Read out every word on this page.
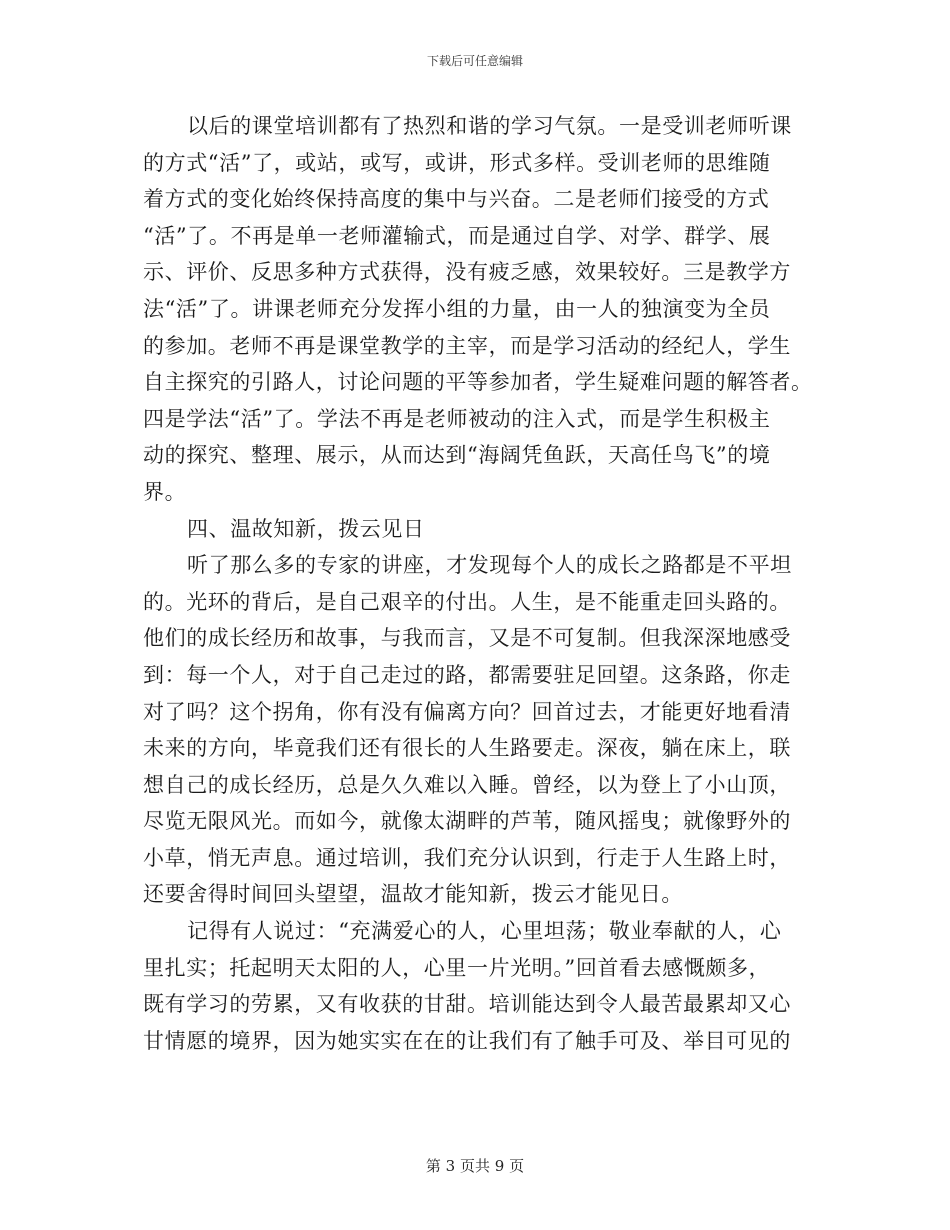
下载后可任意编辑

以后的课堂培训都有了热烈和谐的学习气氛。一是受训老师听课
的方式“活”了，或站，或写，或讲，形式多样。受训老师的思维随
着方式的变化始终保持高度的集中与兴奋。二是老师们接受的方式
“活”了。不再是单一老师灌输式，而是通过自学、对学、群学、展
示、评价、反思多种方式获得，没有疲乏感，效果较好。三是教学方
法“活”了。讲课老师充分发挥小组的力量，由一人的独演变为全员
的参加。老师不再是课堂教学的主宰，而是学习活动的经纪人，学生
自主探究的引路人，讨论问题的平等参加者，学生疑难问题的解答者。
四是学法“活”了。学法不再是老师被动的注入式，而是学生积极主
动的探究、整理、展示，从而达到“海阔凭鱼跃，天高任鸟飞”的境
界。

四、温故知新，拨云见日

听了那么多的专家的讲座，才发现每个人的成长之路都是不平坦
的。光环的背后，是自己艰辛的付出。人生，是不能重走回头路的。
他们的成长经历和故事，与我而言，又是不可复制。但我深深地感受
到：每一个人，对于自己走过的路，都需要驻足回望。这条路，你走
对了吗？这个拐角，你有没有偏离方向？回首过去，才能更好地看清
未来的方向，毕竟我们还有很长的人生路要走。深夜，躺在床上，联
想自己的成长经历，总是久久难以入睡。曾经，以为登上了小山顶，
尽览无限风光。而如今，就像太湖畔的芦苇，随风摇曳；就像野外的
小草，悄无声息。通过培训，我们充分认识到，行走于人生路上时，
还要舍得时间回头望望，温故才能知新，拨云才能见日。

记得有人说过：“充满爱心的人，心里坦荡；敬业奉献的人，心
里扎实；托起明天太阳的人，心里一片光明。”回首看去感慨颇多，
既有学习的劳累，又有收获的甘甜。培训能达到令人最苦最累却又心
甘情愿的境界，因为她实实在在的让我们有了触手可及、举目可见的

第 3 页共 9 页
